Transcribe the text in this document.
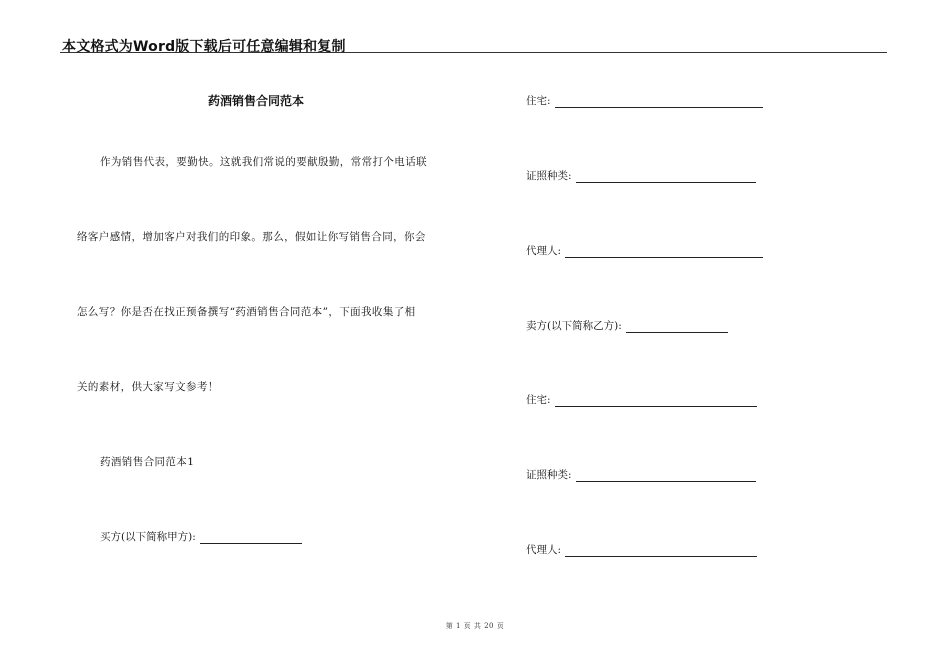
本文格式为Word版下载后可任意编辑和复制
药酒销售合同范本
作为销售代表，要勤快。这就我们常说的要献殷勤，常常打个电话联
络客户感情，增加客户对我们的印象。那么，假如让你写销售合同，你会
怎么写？你是否在找正预备撰写“药酒销售合同范本”，下面我收集了相
关的素材，供大家写文参考！
药酒销售合同范本1
买方(以下简称甲方):
住宅:
证照种类:
代理人:
卖方(以下简称乙方):
住宅:
证照种类:
代理人:
第 1 页 共 20 页
